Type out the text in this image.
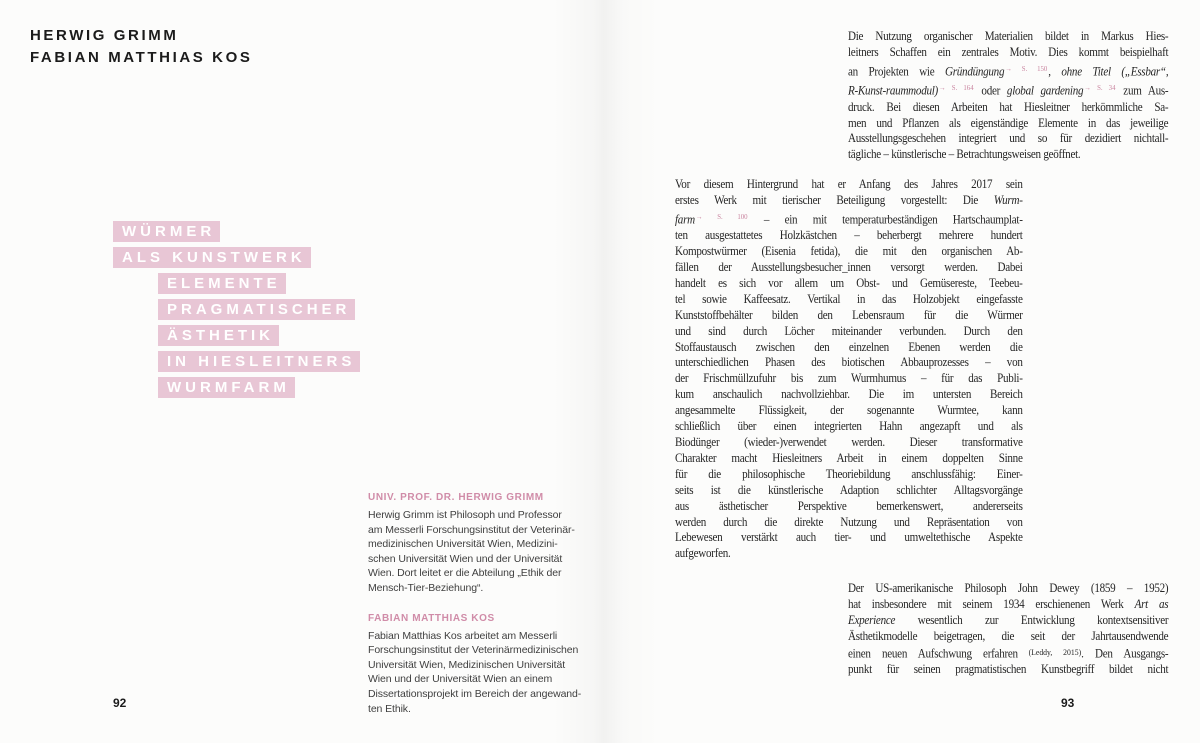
HERWIG GRIMM
FABIAN MATTHIAS KOS
WÜRMER
ALS KUNSTWERK
ELEMENTE
PRAGMATISCHER
ÄSTHETIK
IN HIESLEITNERS
WURMFARM
UNIV. PROF. DR. HERWIG GRIMM
Herwig Grimm ist Philosoph und Professor
am Messerli Forschungsinstitut der Veterinär-
medizinischen Universität Wien, Medizini-
schen Universität Wien und der Universität
Wien. Dort leitet er die Abteilung „Ethik der
Mensch-Tier-Beziehung“.
FABIAN MATTHIAS KOS
Fabian Matthias Kos arbeitet am Messerli
Forschungsinstitut der Veterinärmedizinischen
Universität Wien, Medizinischen Universität
Wien und der Universität Wien an einem
Dissertationsprojekt im Bereich der angewand-
ten Ethik.
92
Die Nutzung organischer Materialien bildet in Markus Hies-
leitners Schaffen ein zentrales Motiv. Dies kommt beispielhaft
an Projekten wie Gründüngung$^{\to S. 150}$, ohne Titel („Essbar“,
R-Kunst-raummodul)$^{\to S. 164}$ oder global gardening$^{\to S. 34}$ zum Aus-
druck. Bei diesen Arbeiten hat Hiesleitner herkömmliche Sa-
men und Pflanzen als eigenständige Elemente in das jeweilige
Ausstellungsgeschehen integriert und so für dezidiert nichtall-
tägliche – künstlerische – Betrachtungsweisen geöffnet.
Vor diesem Hintergrund hat er Anfang des Jahres 2017 sein
erstes Werk mit tierischer Beteiligung vorgestellt: Die Wurm-
farm$^{\to S. 100}$ – ein mit temperaturbeständigen Hartschaumplat-
ten ausgestattetes Holzkästchen – beherbergt mehrere hundert
Kompostwürmer (Eisenia fetida), die mit den organischen Ab-
fällen der Ausstellungsbesucher_innen versorgt werden. Dabei
handelt es sich vor allem um Obst- und Gemüsereste, Teebeu-
tel sowie Kaffeesatz. Vertikal in das Holzobjekt eingefasste
Kunststoffbehälter bilden den Lebensraum für die Würmer
und sind durch Löcher miteinander verbunden. Durch den
Stoffaustausch zwischen den einzelnen Ebenen werden die
unterschiedlichen Phasen des biotischen Abbauprozesses – von
der Frischmüllzufuhr bis zum Wurmhumus – für das Publi-
kum anschaulich nachvollziehbar. Die im untersten Bereich
angesammelte Flüssigkeit, der sogenannte Wurmtee, kann
schließlich über einen integrierten Hahn angezapft und als
Biodünger (wieder-)verwendet werden. Dieser transformative
Charakter macht Hiesleitners Arbeit in einem doppelten Sinne
für die philosophische Theoriebildung anschlussfähig: Einer-
seits ist die künstlerische Adaption schlichter Alltagsvorgänge
aus ästhetischer Perspektive bemerkenswert, andererseits
werden durch die direkte Nutzung und Repräsentation von
Lebewesen verstärkt auch tier- und umweltethische Aspekte
aufgeworfen.
Der US-amerikanische Philosoph John Dewey (1859 – 1952)
hat insbesondere mit seinem 1934 erschienenen Werk Art as
Experience wesentlich zur Entwicklung kontextsensitiver
Ästhetikmodelle beigetragen, die seit der Jahrtausendwende
einen neuen Aufschwung erfahren $^{(Leddy, 2015)}$. Den Ausgangs-
punkt für seinen pragmatistischen Kunstbegriff bildet nicht
93
